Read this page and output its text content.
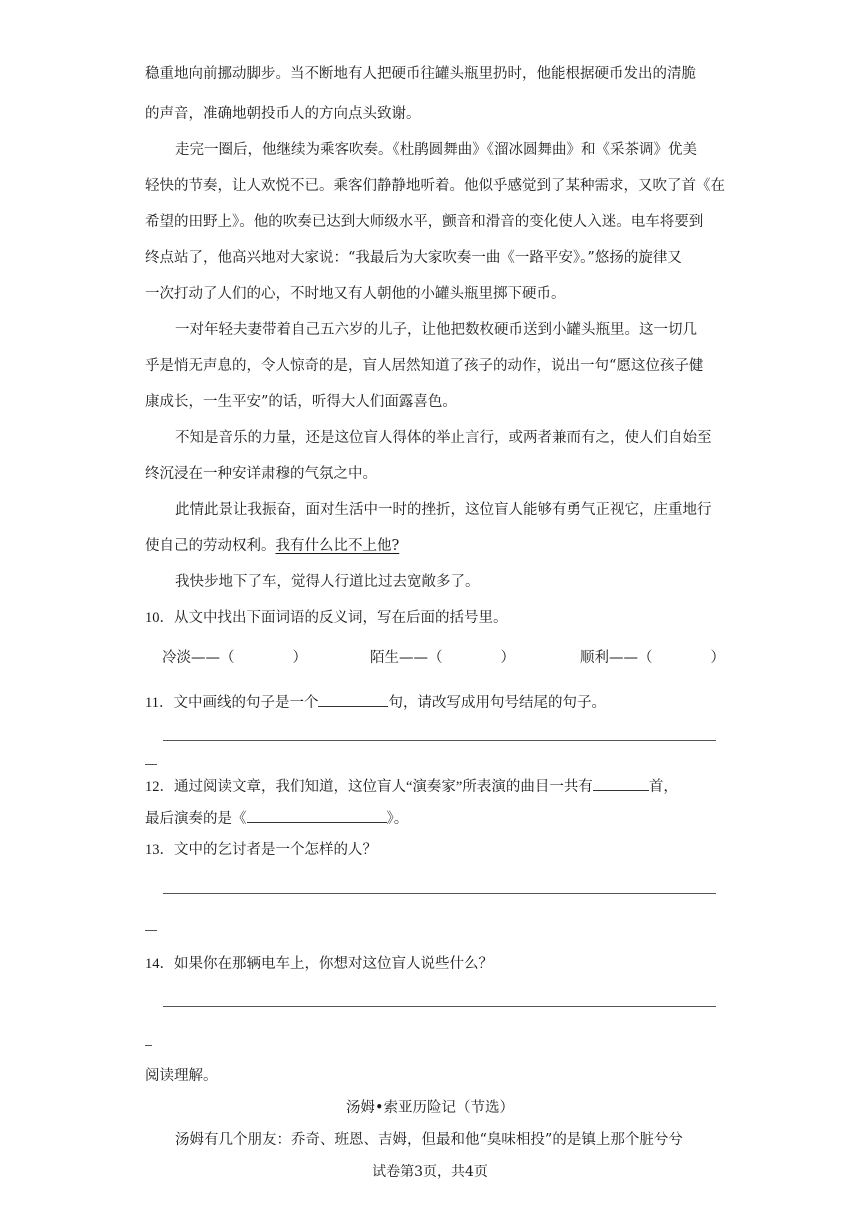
稳重地向前挪动脚步。当不断地有人把硬币往罐头瓶里扔时，他能根据硬币发出的清脆
的声音，准确地朝投币人的方向点头致谢。
走完一圈后，他继续为乘客吹奏。《杜鹃圆舞曲》《溜冰圆舞曲》和《采茶调》优美
轻快的节奏，让人欢悦不已。乘客们静静地听着。他似乎感觉到了某种需求，又吹了首《在
希望的田野上》。他的吹奏已达到大师级水平，颤音和滑音的变化使人入迷。电车将要到
终点站了，他高兴地对大家说：“我最后为大家吹奏一曲《一路平安》。”悠扬的旋律又
一次打动了人们的心，不时地又有人朝他的小罐头瓶里掷下硬币。
一对年轻夫妻带着自己五六岁的儿子，让他把数枚硬币送到小罐头瓶里。这一切几
乎是悄无声息的，令人惊奇的是，盲人居然知道了孩子的动作，说出一句“愿这位孩子健
康成长，一生平安”的话，听得大人们面露喜色。
不知是音乐的力量，还是这位盲人得体的举止言行，或两者兼而有之，使人们自始至
终沉浸在一种安详肃穆的气氛之中。
此情此景让我振奋，面对生活中一时的挫折，这位盲人能够有勇气正视它，庄重地行
使自己的劳动权利。我有什么比不上他?
我快步地下了车，觉得人行道比过去宽敞多了。
10．从文中找出下面词语的反义词，写在后面的括号里。
冷淡——（　　　　）	陌生——（　　　　）	顺利——（　　　　）
11．文中画线的句子是一个	句，请改写成用句号结尾的句子。
12．通过阅读文章，我们知道，这位盲人“演奏家”所表演的曲目一共有	首，
最后演奏的是《	》。
13．文中的乞讨者是一个怎样的人？
14．如果你在那辆电车上，你想对这位盲人说些什么？
阅读理解。
汤姆•索亚历险记（节选）
汤姆有几个朋友：乔奇、班恩、吉姆，但最和他“臭味相投”的是镇上那个脏兮兮
试卷第3页，共4页
